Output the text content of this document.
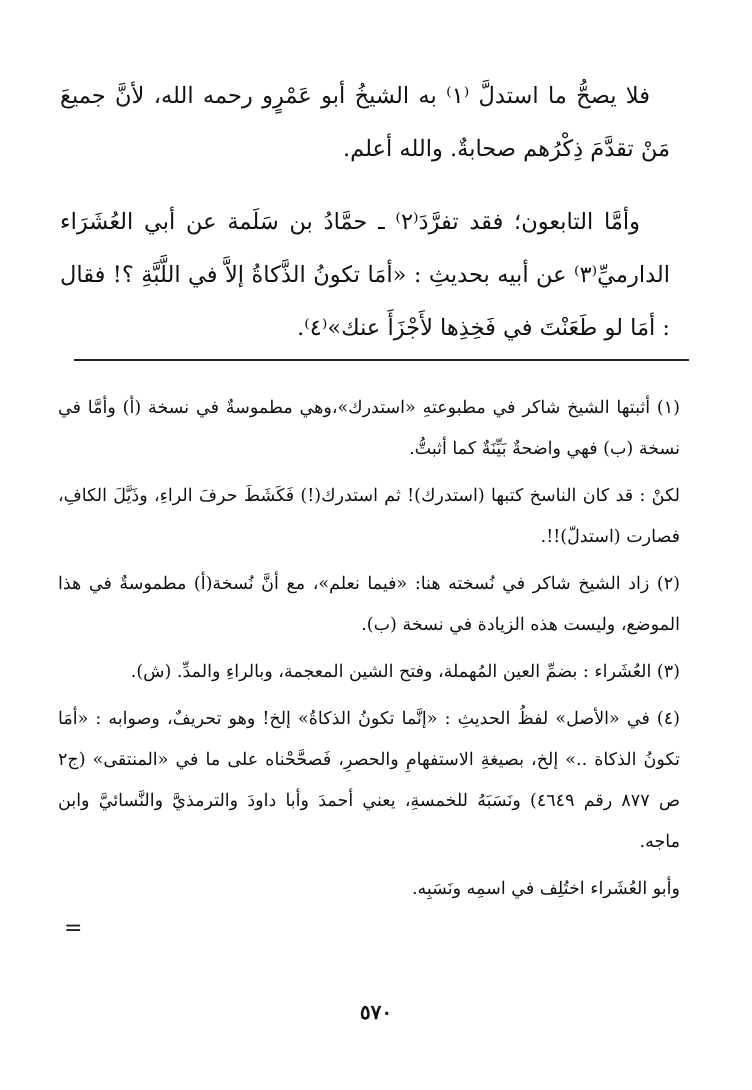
فلا يصحُّ ما استدلَّ ⁽١⁾ به الشيخُ أبو عَمْرٍو رحمه الله، لأنَّ جميعَ مَنْ تقدَّمَ ذِكْرُهم صحابةٌ. والله أعلم.

وأمَّا التابعون؛ فقد تفرَّدَ⁽٢⁾ ـ حمَّادُ بن سَلَمة عن أبي العُشَرَاء الدارميِّ⁽٣⁾ عن أبيه بحديثِ : «أمَا تكونُ الذَّكاةُ إلاَّ في اللَّبَّةِ ؟! فقال : أمَا لو طَعَنْتَ في فَخِذِها لأَجْزَأَ عنك»⁽٤⁾.

(١) أثبتها الشيخ شاكر في مطبوعتهِ «استدرك»،وهي مطموسةٌ في نسخة (أ) وأمَّا في نسخة (ب) فهي واضحةٌ بَيِّنَةٌ كما أثبتُّ.

لكنْ : قد كان الناسخ كتبها (استدرك)! ثم استدرك(!) فَكَشَطَ حرفَ الراءِ، وذَيَّلَ الكافِ، فصارت (استدلّ)!!.

(٢) زاد الشيخ شاكر في نُسخته هنا: «فيما نعلم»، مع أنَّ نُسخة(أ) مطموسةٌ في هذا الموضع، وليست هذه الزيادة في نسخة (ب).

(٣) العُشَراء : بضمِّ العين المُهملة، وفتح الشين المعجمة، وبالراءِ والمدِّ. (ش).

(٤) في «الأصل» لفظُ الحديثِ : «إنَّما تكونُ الذكاةُ» إلخ! وهو تحريفٌ، وصوابه : «أمَا تكونُ الذكاة ..» إلخ، بصيغةِ الاستفهامِ والحصرِ، فَصحَّحْناه على ما في «المنتقى» (ج٢ ص ٨٧٧ رقم ٤٦٤٩) ونَسَبَهُ للخمسةِ، يعني أحمدَ وأبا داودَ والترمذيَّ والنَّسائيَّ وابن ماجه.

وأبو العُشَراء اختُلِف في اسمِه ونَسَبِه.

=
٥٧٠
